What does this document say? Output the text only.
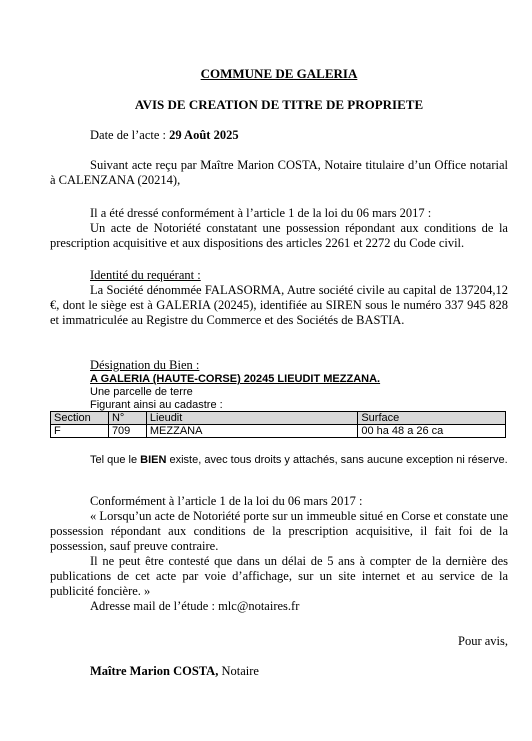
COMMUNE DE GALERIA
AVIS DE CREATION DE TITRE DE PROPRIETE

Date de l’acte : 29 Août 2025

Suivant acte reçu par Maître Marion COSTA, Notaire titulaire d’un Office notarial à CALENZANA (20214),

Il a été dressé conformément à l’article 1 de la loi du 06 mars 2017 :

Un acte de Notoriété constatant une possession répondant aux conditions de la prescription acquisitive et aux dispositions des articles 2261 et 2272 du Code civil.

Identité du requérant :

La Société dénommée FALASORMA, Autre société civile au capital de 137204,12 €, dont le siège est à GALERIA (20245), identifiée au SIREN sous le numéro 337 945 828 et immatriculée au Registre du Commerce et des Sociétés de BASTIA.

Désignation du Bien :

A GALERIA (HAUTE-CORSE) 20245 LIEUDIT MEZZANA.

Une parcelle de terre

Figurant ainsi au cadastre :

Section	N°	Lieudit	Surface
F	709	MEZZANA	00 ha 48 a 26 ca

Tel que le BIEN existe, avec tous droits y attachés, sans aucune exception ni réserve.

Conformément à l’article 1 de la loi du 06 mars 2017 :

« Lorsqu’un acte de Notoriété porte sur un immeuble situé en Corse et constate une possession répondant aux conditions de la prescription acquisitive, il fait foi de la possession, sauf preuve contraire.

Il ne peut être contesté que dans un délai de 5 ans à compter de la dernière des publications de cet acte par voie d’affichage, sur un site internet et au service de la publicité foncière. »

Adresse mail de l’étude : mlc@notaires.fr

Pour avis,
Maître Marion COSTA, Notaire
